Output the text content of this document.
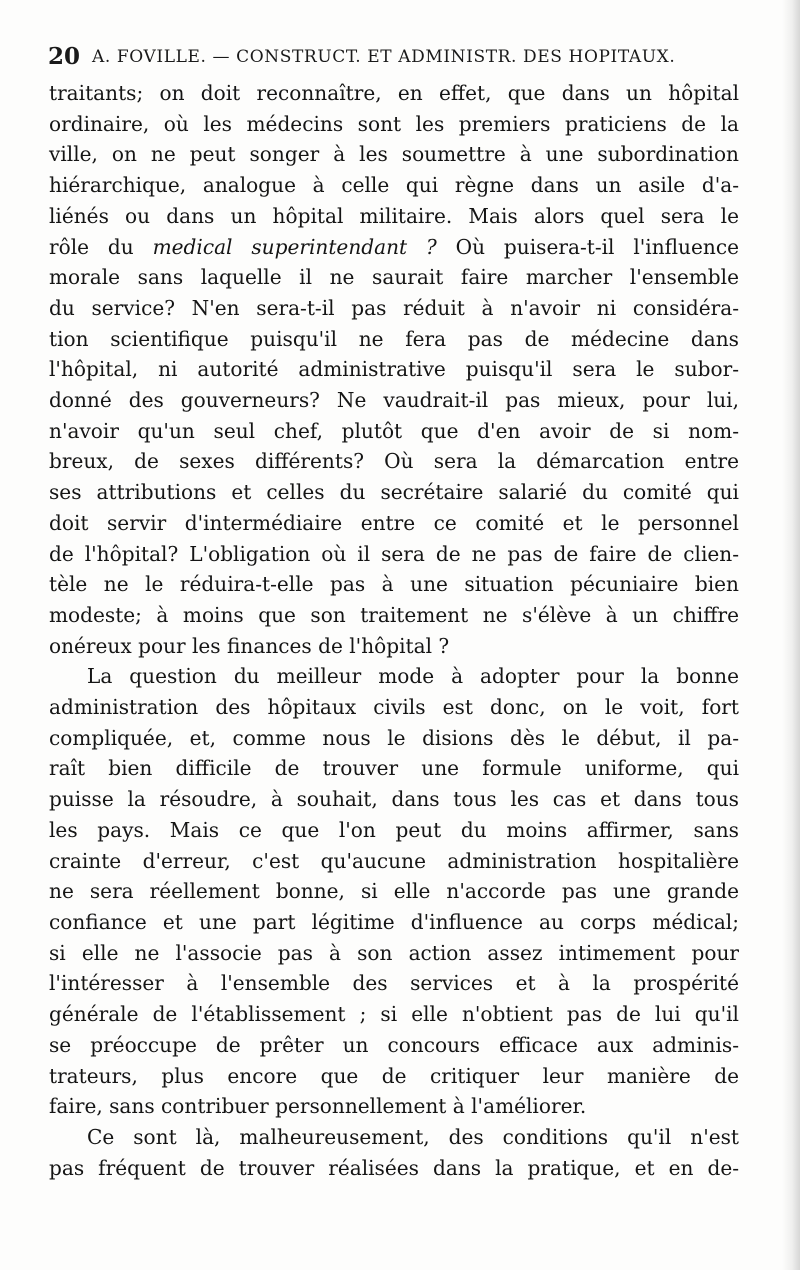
20 A. FOVILLE. — CONSTRUCT. ET ADMINISTR. DES HOPITAUX.
traitants; on doit reconnaître, en effet, que dans un hôpital
ordinaire, où les médecins sont les premiers praticiens de la
ville, on ne peut songer à les soumettre à une subordination
hiérarchique, analogue à celle qui règne dans un asile d'a-
liénés ou dans un hôpital militaire. Mais alors quel sera le
rôle du medical superintendant ? Où puisera-t-il l'influence
morale sans laquelle il ne saurait faire marcher l'ensemble
du service? N'en sera-t-il pas réduit à n'avoir ni considéra-
tion scientifique puisqu'il ne fera pas de médecine dans
l'hôpital, ni autorité administrative puisqu'il sera le subor-
donné des gouverneurs? Ne vaudrait-il pas mieux, pour lui,
n'avoir qu'un seul chef, plutôt que d'en avoir de si nom-
breux, de sexes différents? Où sera la démarcation entre
ses attributions et celles du secrétaire salarié du comité qui
doit servir d'intermédiaire entre ce comité et le personnel
de l'hôpital? L'obligation où il sera de ne pas de faire de clien-
tèle ne le réduira-t-elle pas à une situation pécuniaire bien
modeste; à moins que son traitement ne s'élève à un chiffre
onéreux pour les finances de l'hôpital ?
La question du meilleur mode à adopter pour la bonne
administration des hôpitaux civils est donc, on le voit, fort
compliquée, et, comme nous le disions dès le début, il pa-
raît bien difficile de trouver une formule uniforme, qui
puisse la résoudre, à souhait, dans tous les cas et dans tous
les pays. Mais ce que l'on peut du moins affirmer, sans
crainte d'erreur, c'est qu'aucune administration hospitalière
ne sera réellement bonne, si elle n'accorde pas une grande
confiance et une part légitime d'influence au corps médical;
si elle ne l'associe pas à son action assez intimement pour
l'intéresser à l'ensemble des services et à la prospérité
générale de l'établissement ; si elle n'obtient pas de lui qu'il
se préoccupe de prêter un concours efficace aux adminis-
trateurs, plus encore que de critiquer leur manière de
faire, sans contribuer personnellement à l'améliorer.
Ce sont là, malheureusement, des conditions qu'il n'est
pas fréquent de trouver réalisées dans la pratique, et en de-
